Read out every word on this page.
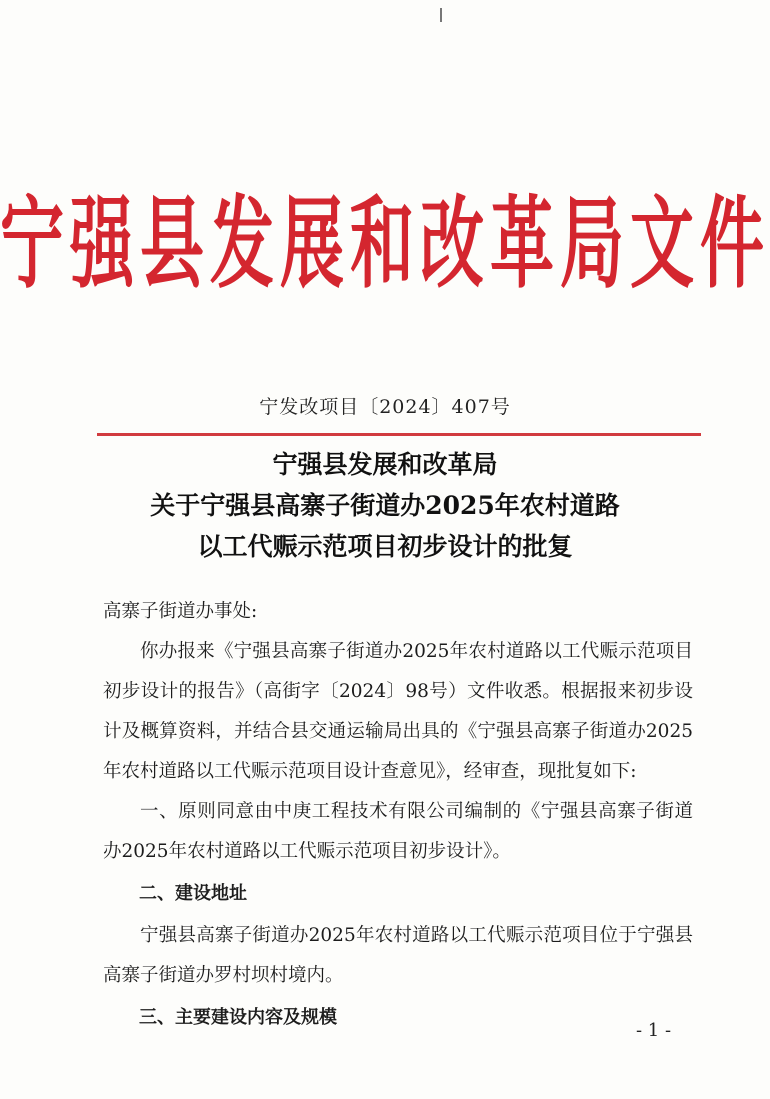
宁强县发展和改革局文件
宁发改项目〔2024〕407号
宁强县发展和改革局
关于宁强县高寨子街道办2025年农村道路
以工代赈示范项目初步设计的批复

高寨子街道办事处:

你办报来《宁强县高寨子街道办2025年农村道路以工代赈示范项目初步设计的报告》（高街字〔2024〕98号）文件收悉。根据报来初步设计及概算资料，并结合县交通运输局出具的《宁强县高寨子街道办2025年农村道路以工代赈示范项目设计查意见》，经审查，现批复如下:

一、原则同意由中庚工程技术有限公司编制的《宁强县高寨子街道办2025年农村道路以工代赈示范项目初步设计》。

二、建设地址

宁强县高寨子街道办2025年农村道路以工代赈示范项目位于宁强县高寨子街道办罗村坝村境内。

三、主要建设内容及规模

- 1 -
